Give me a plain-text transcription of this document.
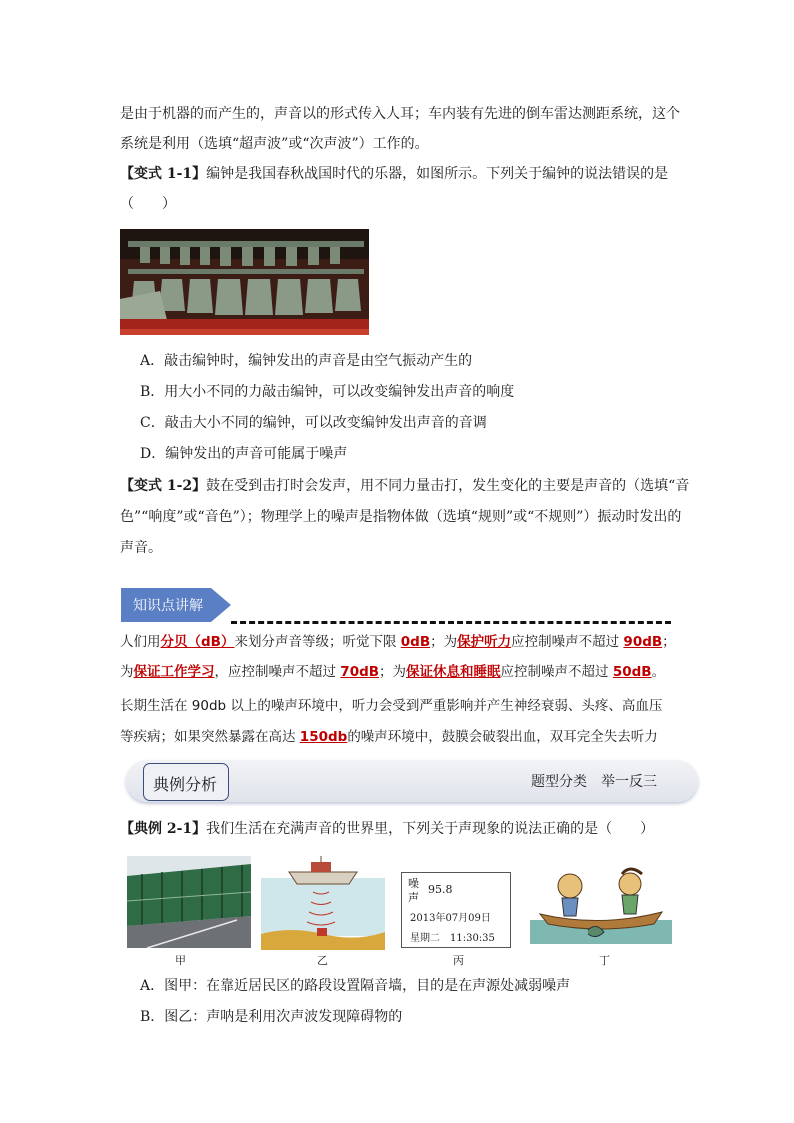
是由于机器的而产生的，声音以的形式传入人耳；车内装有先进的倒车雷达测距系统，这个
系统是利用（选填“超声波”或“次声波”）工作的。
【变式 1-1】编钟是我国春秋战国时代的乐器，如图所示。下列关于编钟的说法错误的是
（　　）
A．敲击编钟时，编钟发出的声音是由空气振动产生的
B．用大小不同的力敲击编钟，可以改变编钟发出声音的响度
C．敲击大小不同的编钟，可以改变编钟发出声音的音调
D．编钟发出的声音可能属于噪声
【变式 1-2】鼓在受到击打时会发声，用不同力量击打，发生变化的主要是声音的（选填“音
色”“响度”或“音色”）；物理学上的噪声是指物体做（选填“规则”或“不规则”）振动时发出的
声音。
知识点讲解
人们用分贝（dB）来划分声音等级；听觉下限 0dB；为保护听力应控制噪声不超过 90dB；
为保证工作学习，应控制噪声不超过 70dB；为保证休息和睡眠应控制噪声不超过 50dB。
长期生活在 90db 以上的噪声环境中，听力会受到严重影响并产生神经衰弱、头疼、高血压
等疾病；如果突然暴露在高达 150db的噪声环境中，鼓膜会破裂出血，双耳完全失去听力
典例分析	题型分类　举一反三
【典例 2-1】我们生活在充满声音的世界里，下列关于声现象的说法正确的是（　　）
甲	乙
噪
声
95.8
2013年07月09日
星期二　11:30:35
丙	丁
A．图甲：在靠近居民区的路段设置隔音墙，目的是在声源处减弱噪声
B．图乙：声呐是利用次声波发现障碍物的
